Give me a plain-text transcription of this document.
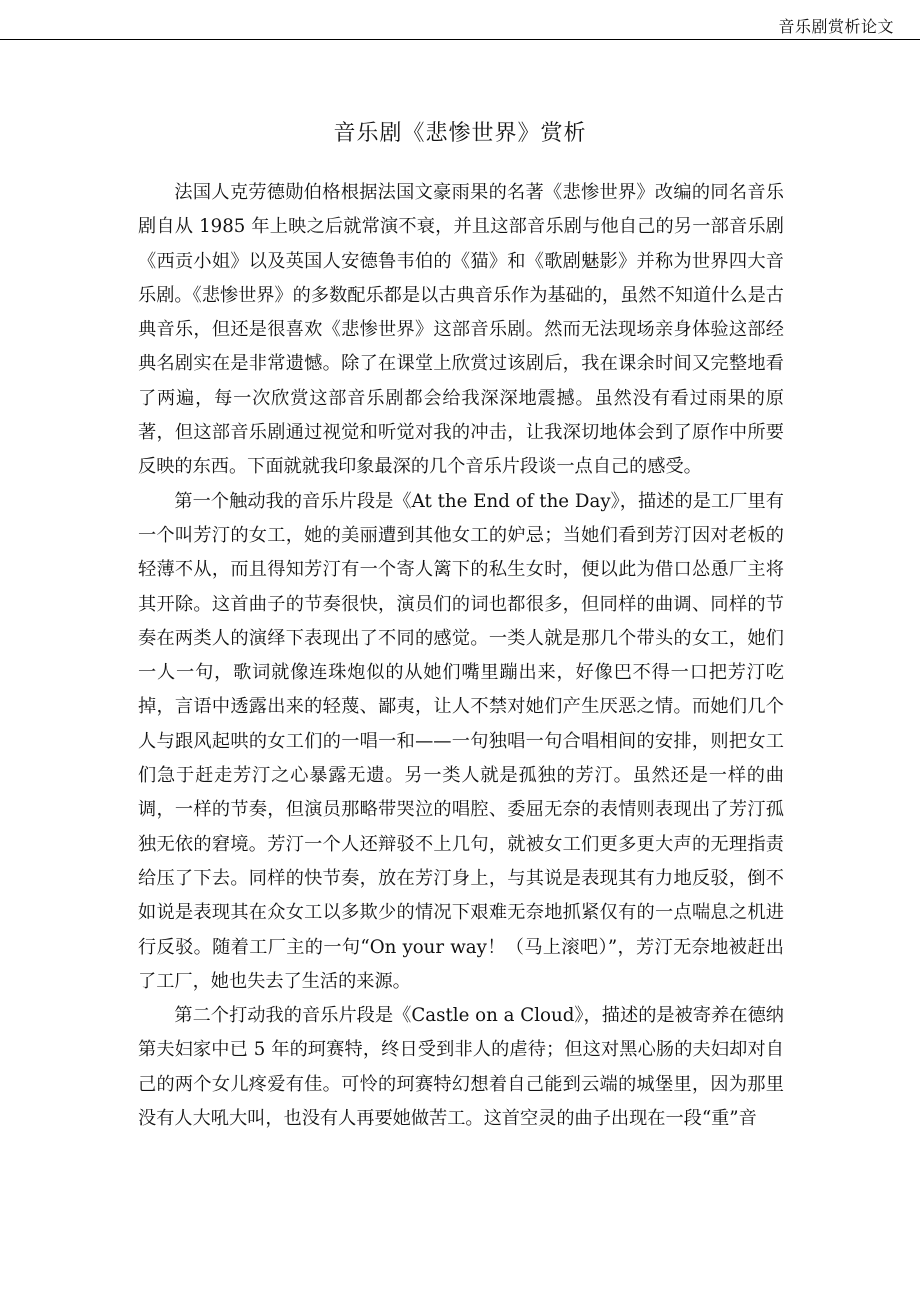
音乐剧赏析论文
音乐剧《悲惨世界》赏析

法国人克劳德勋伯格根据法国文豪雨果的名著《悲惨世界》改编的同名音乐剧自从 1985 年上映之后就常演不衰，并且这部音乐剧与他自己的另一部音乐剧《西贡小姐》以及英国人安德鲁韦伯的《猫》和《歌剧魅影》并称为世界四大音乐剧。《悲惨世界》的多数配乐都是以古典音乐作为基础的，虽然不知道什么是古典音乐，但还是很喜欢《悲惨世界》这部音乐剧。然而无法现场亲身体验这部经典名剧实在是非常遗憾。除了在课堂上欣赏过该剧后，我在课余时间又完整地看了两遍，每一次欣赏这部音乐剧都会给我深深地震撼。虽然没有看过雨果的原著，但这部音乐剧通过视觉和听觉对我的冲击，让我深切地体会到了原作中所要反映的东西。下面就就我印象最深的几个音乐片段谈一点自己的感受。

第一个触动我的音乐片段是《At the End of the Day》，描述的是工厂里有一个叫芳汀的女工，她的美丽遭到其他女工的妒忌；当她们看到芳汀因对老板的轻薄不从，而且得知芳汀有一个寄人篱下的私生女时，便以此为借口怂恿厂主将其开除。这首曲子的节奏很快，演员们的词也都很多，但同样的曲调、同样的节奏在两类人的演绎下表现出了不同的感觉。一类人就是那几个带头的女工，她们一人一句，歌词就像连珠炮似的从她们嘴里蹦出来，好像巴不得一口把芳汀吃掉，言语中透露出来的轻蔑、鄙夷，让人不禁对她们产生厌恶之情。而她们几个人与跟风起哄的女工们的一唱一和——一句独唱一句合唱相间的安排，则把女工们急于赶走芳汀之心暴露无遗。另一类人就是孤独的芳汀。虽然还是一样的曲调，一样的节奏，但演员那略带哭泣的唱腔、委屈无奈的表情则表现出了芳汀孤独无依的窘境。芳汀一个人还辩驳不上几句，就被女工们更多更大声的无理指责给压了下去。同样的快节奏，放在芳汀身上，与其说是表现其有力地反驳，倒不如说是表现其在众女工以多欺少的情况下艰难无奈地抓紧仅有的一点喘息之机进行反驳。随着工厂主的一句“On your way！（马上滚吧）”，芳汀无奈地被赶出了工厂，她也失去了生活的来源。

第二个打动我的音乐片段是《Castle on a Cloud》，描述的是被寄养在德纳第夫妇家中已 5 年的珂赛特，终日受到非人的虐待；但这对黑心肠的夫妇却对自己的两个女儿疼爱有佳。可怜的珂赛特幻想着自己能到云端的城堡里，因为那里没有人大吼大叫，也没有人再要她做苦工。这首空灵的曲子出现在一段“重”音
